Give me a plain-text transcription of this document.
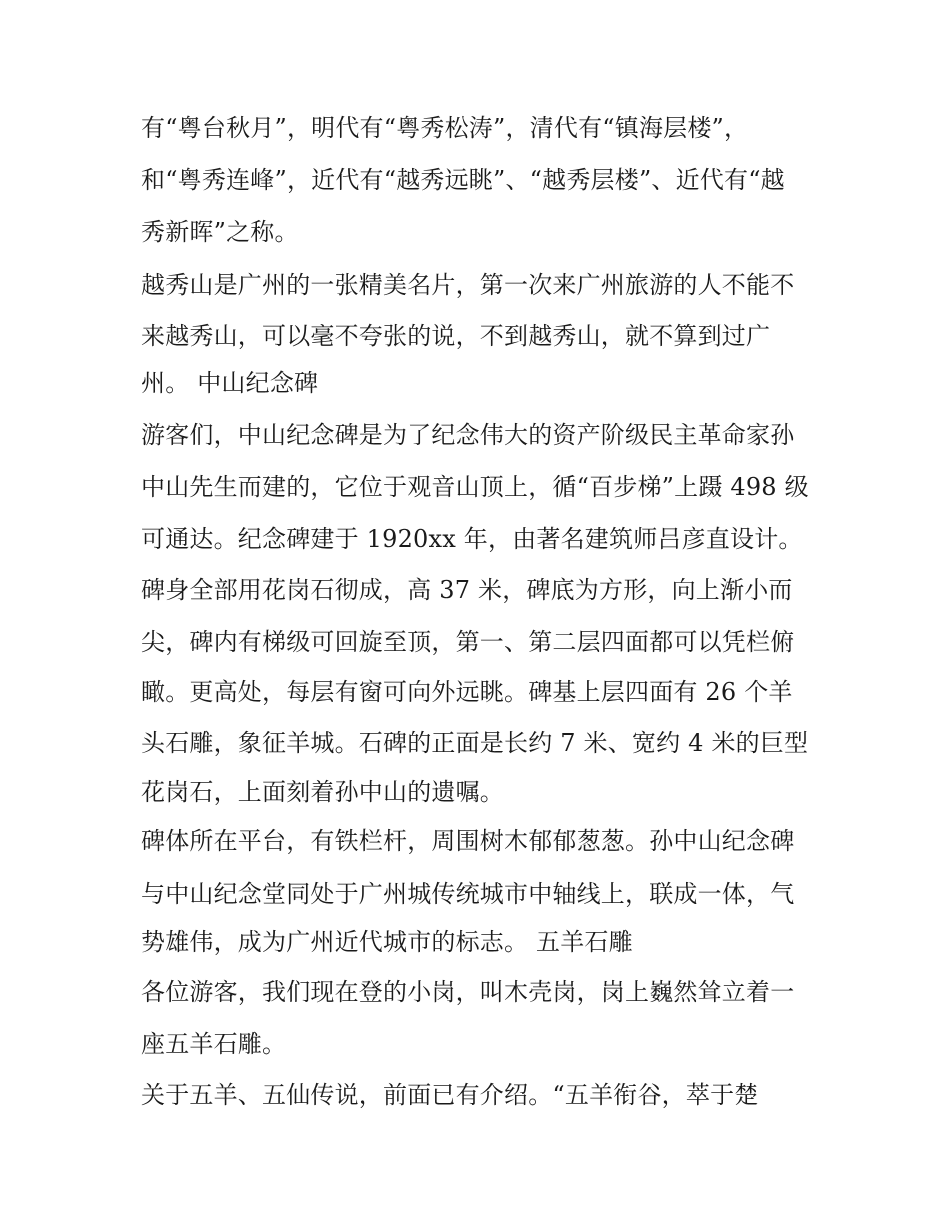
有“粤台秋月”，明代有“粤秀松涛”，清代有“镇海层楼”，

和“粤秀连峰”，近代有“越秀远眺”、“越秀层楼”、近代有“越

秀新晖”之称。

越秀山是广州的一张精美名片，第一次来广州旅游的人不能不

来越秀山，可以毫不夸张的说，不到越秀山，就不算到过广

州。 中山纪念碑

游客们，中山纪念碑是为了纪念伟大的资产阶级民主革命家孙

中山先生而建的，它位于观音山顶上，循“百步梯”上蹑 498 级

可通达。纪念碑建于 1920xx 年，由著名建筑师吕彦直设计。

碑身全部用花岗石彻成，高 37 米，碑底为方形，向上渐小而

尖，碑内有梯级可回旋至顶，第一、第二层四面都可以凭栏俯

瞰。更高处，每层有窗可向外远眺。碑基上层四面有 26 个羊

头石雕，象征羊城。石碑的正面是长约 7 米、宽约 4 米的巨型

花岗石，上面刻着孙中山的遗嘱。

碑体所在平台，有铁栏杆，周围树木郁郁葱葱。孙中山纪念碑

与中山纪念堂同处于广州城传统城市中轴线上，联成一体，气

势雄伟，成为广州近代城市的标志。 五羊石雕

各位游客，我们现在登的小岗，叫木壳岗，岗上巍然耸立着一

座五羊石雕。

关于五羊、五仙传说，前面已有介绍。“五羊衔谷，萃于楚
